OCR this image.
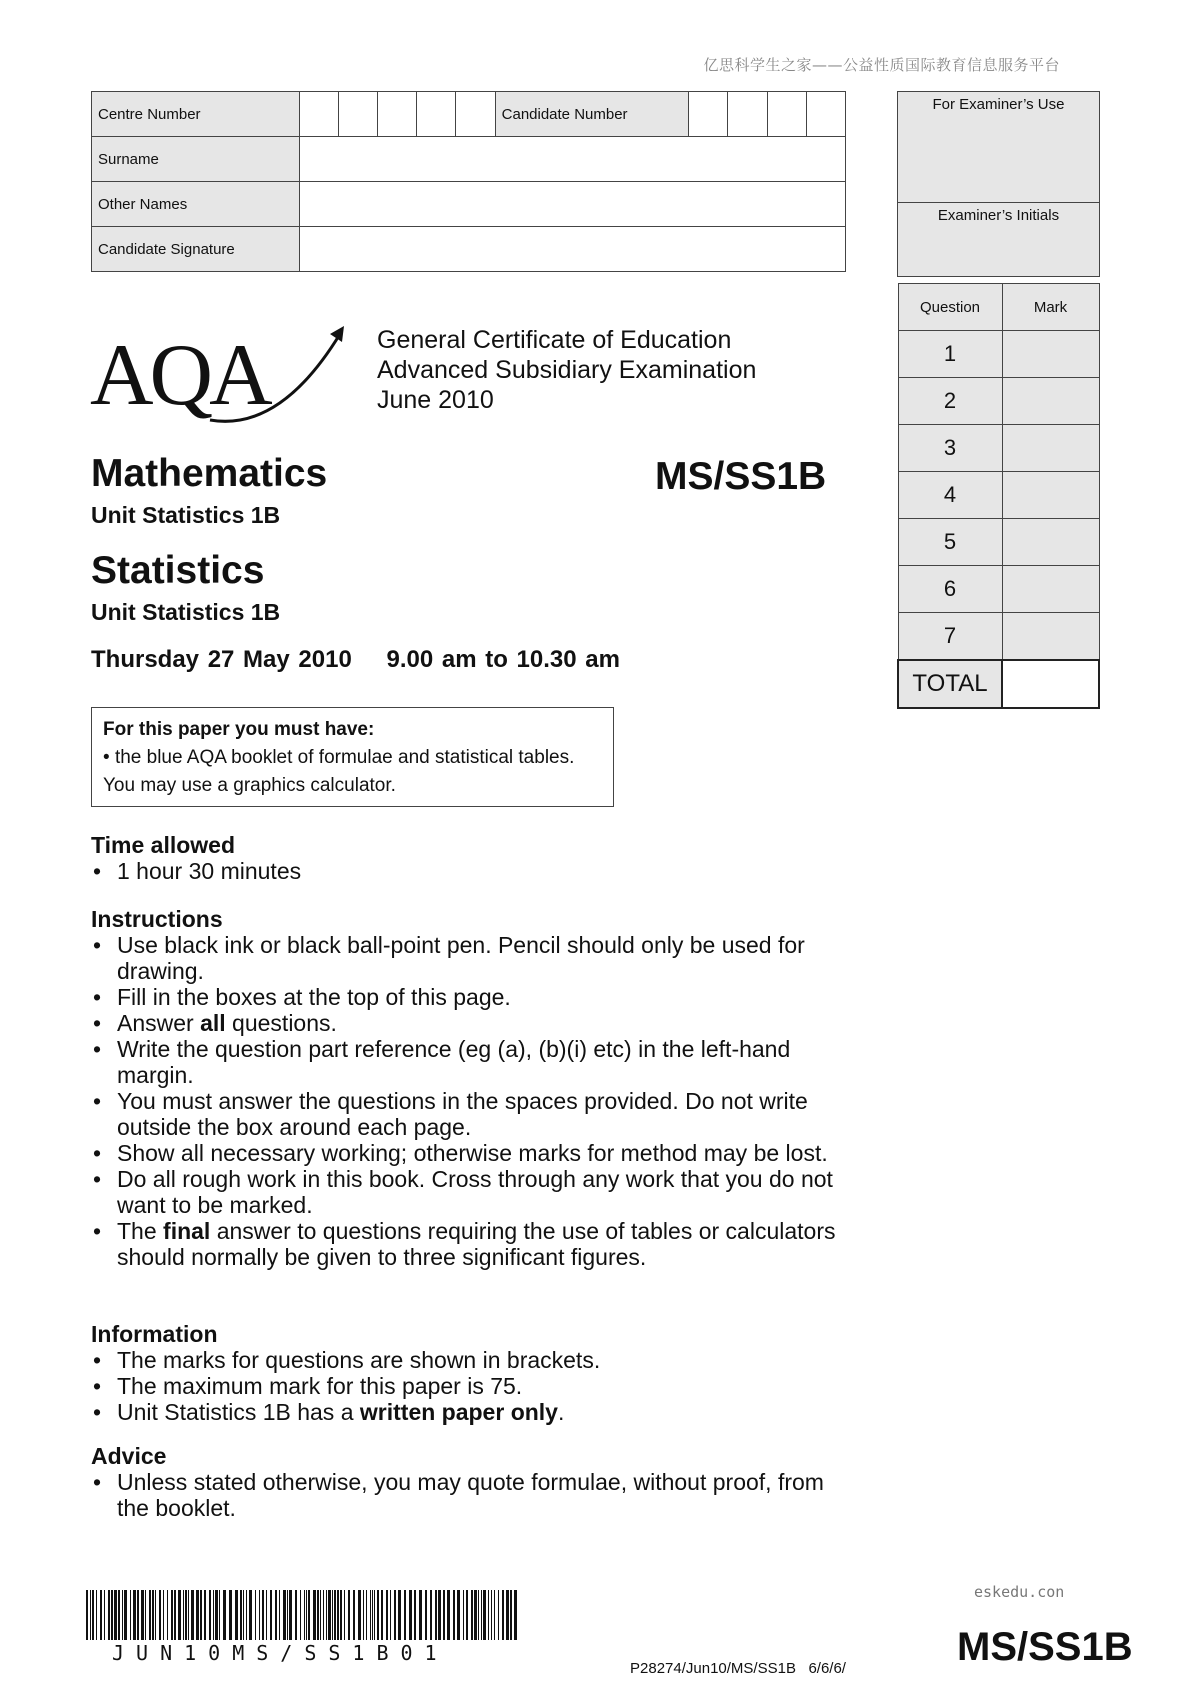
亿思科学生之家——公益性质国际教育信息服务平台
Centre Number						Candidate Number				
Surname										
Other Names										
Candidate Signature										
For Examiner’s Use
Examiner’s Initials
Question	Mark
1	
2	
3	
4	
5	
6	
7	
TOTAL	
AQA	General Certificate of Education
Advanced Subsidiary Examination
June 2010
Mathematics
Unit Statistics 1B
MS/SS1B
Statistics
Unit Statistics 1B
Thursday 27 May 2010    9.00 am to 10.30 am
For this paper you must have:
• the blue AQA booklet of formulae and statistical tables.
You may use a graphics calculator.
Time allowed
• 1 hour 30 minutes
Instructions
• Use black ink or black ball-point pen. Pencil should only be used for drawing.
• Fill in the boxes at the top of this page.
• Answer all questions.
• Write the question part reference (eg (a), (b)(i) etc) in the left-hand margin.
• You must answer the questions in the spaces provided. Do not write outside the box around each page.
• Show all necessary working; otherwise marks for method may be lost.
• Do all rough work in this book. Cross through any work that you do not want to be marked.
• The final answer to questions requiring the use of tables or calculators should normally be given to three significant figures.
Information
• The marks for questions are shown in brackets.
• The maximum mark for this paper is 75.
• Unit Statistics 1B has a written paper only.
Advice
• Unless stated otherwise, you may quote formulae, without proof, from the booklet.
JUN10MS/SS1B01
P28274/Jun10/MS/SS1B   6/6/6/
eskedu.con
MS/SS1B
